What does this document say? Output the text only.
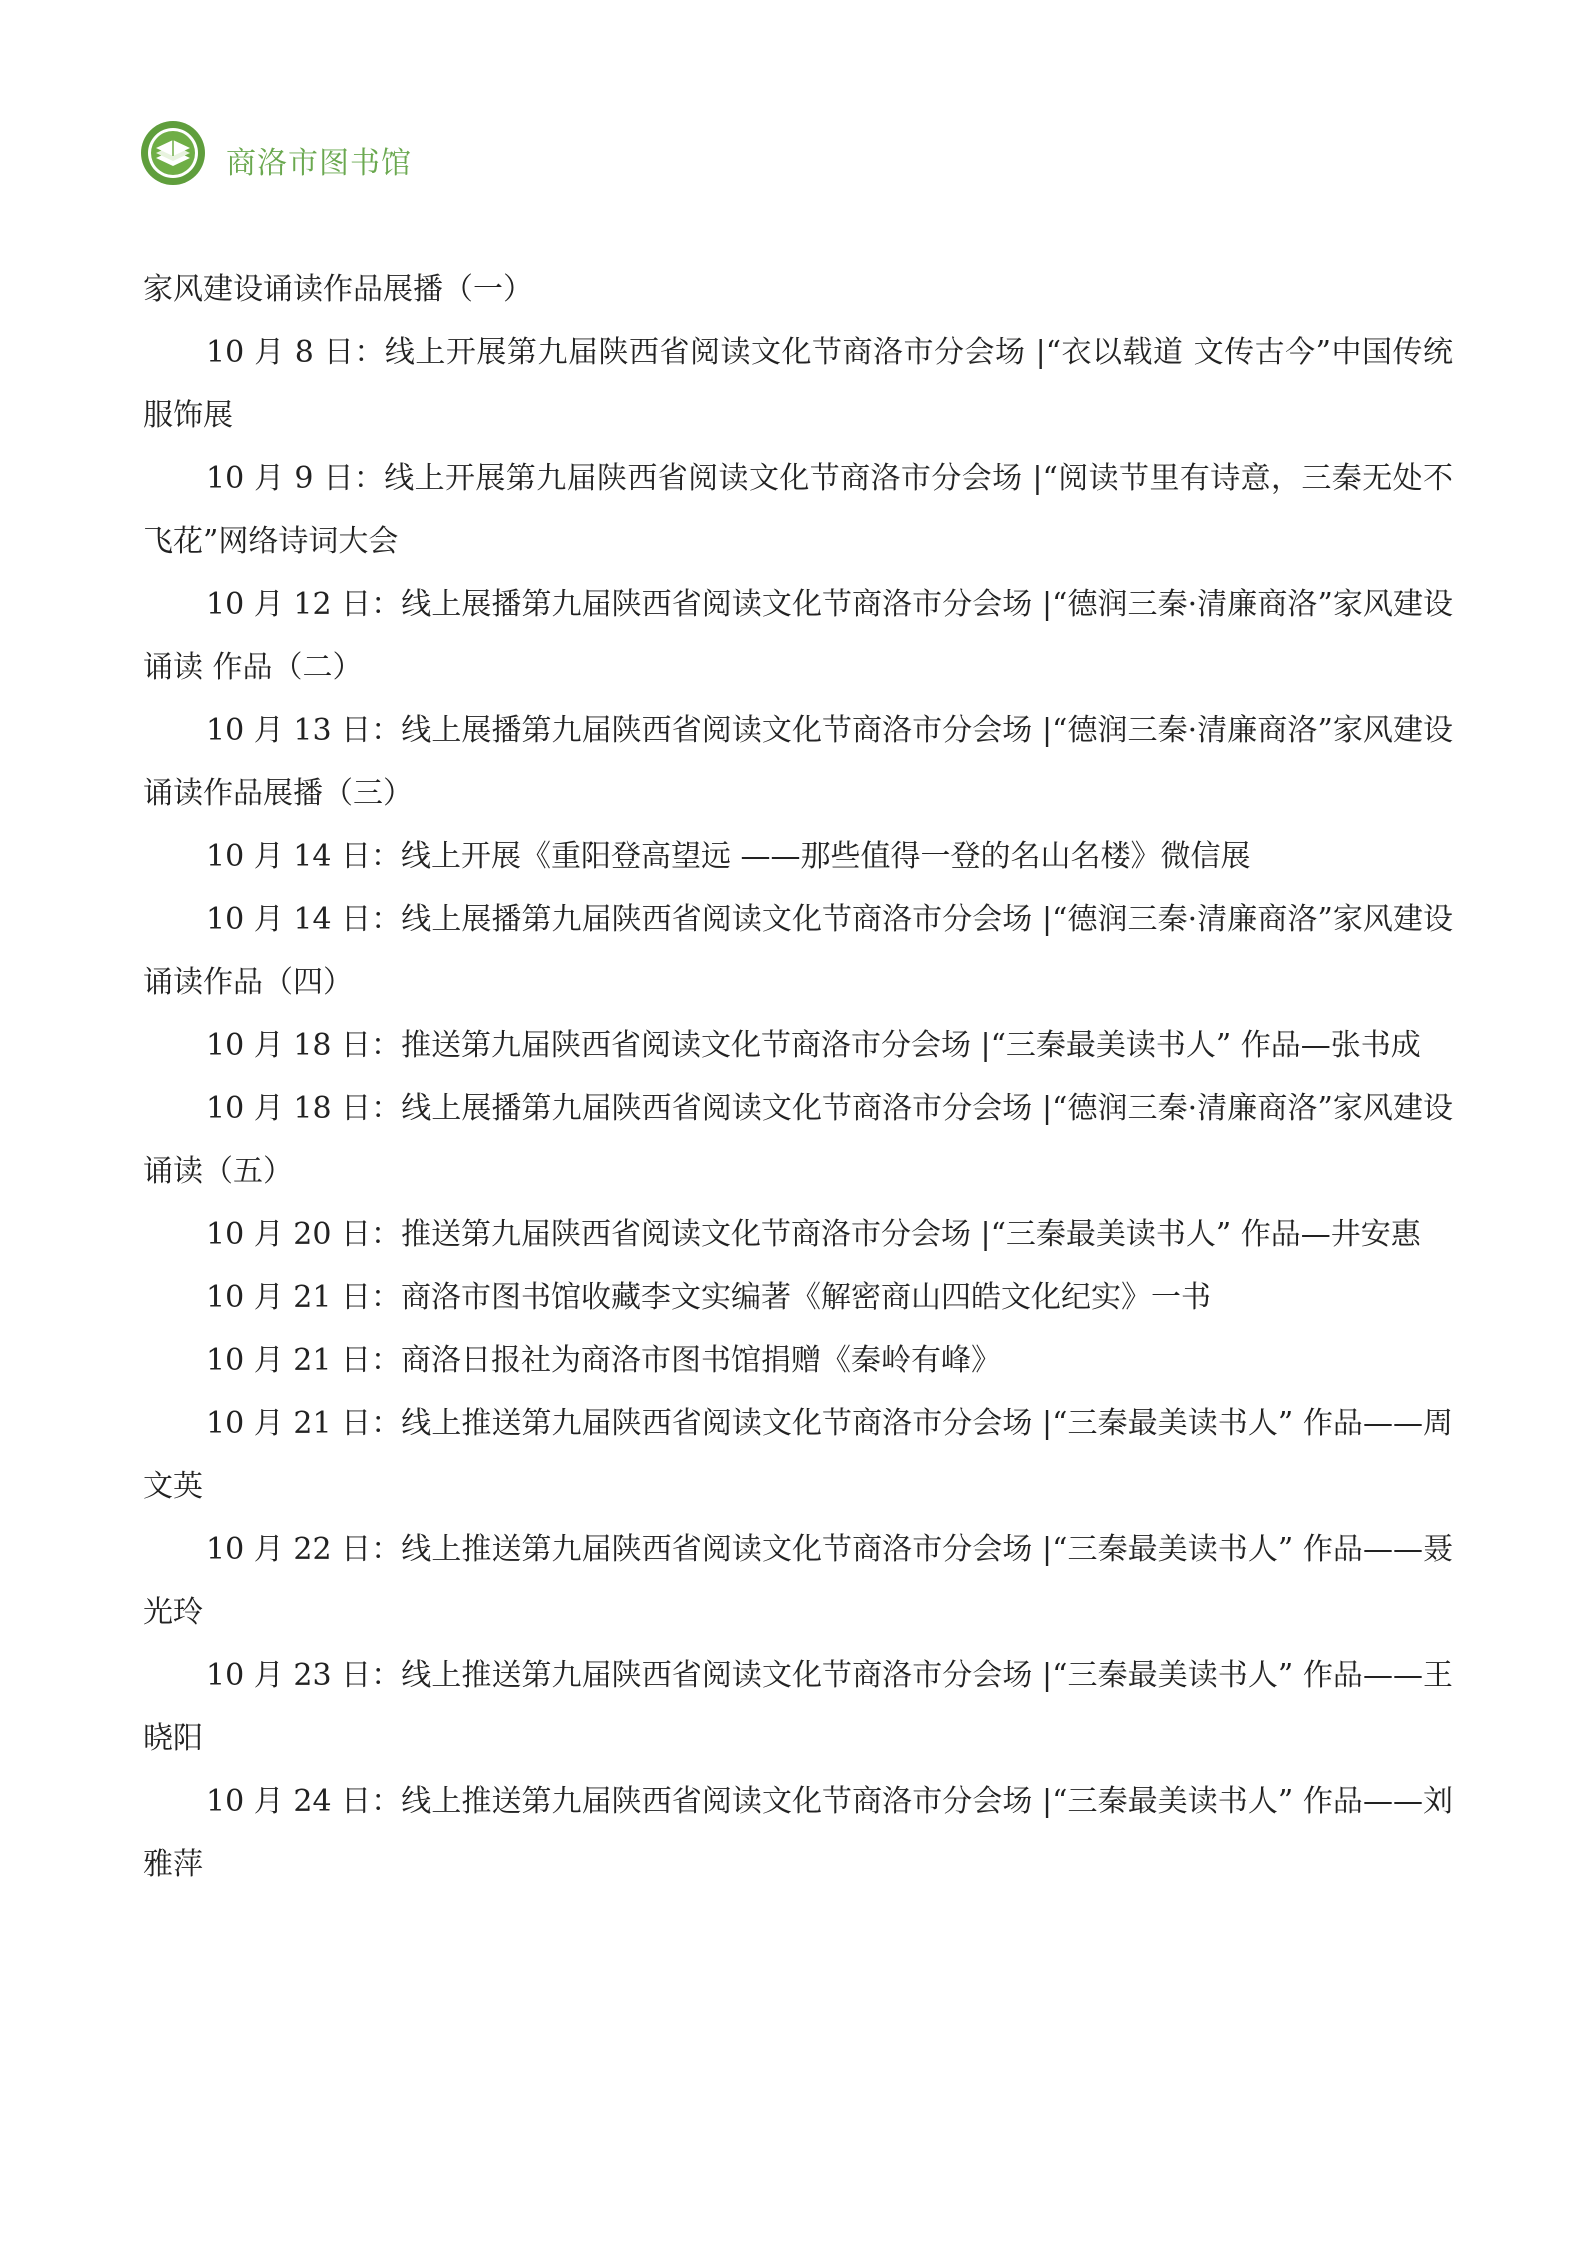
商洛市图书馆
家风建设诵读作品展播（一）

10 月 8 日：线上开展第九届陕西省阅读文化节商洛市分会场 |“衣以载道 文传古今”中国传统服饰展

10 月 9 日：线上开展第九届陕西省阅读文化节商洛市分会场 |“阅读节里有诗意，三秦无处不飞花”网络诗词大会

10 月 12 日：线上展播第九届陕西省阅读文化节商洛市分会场 |“德润三秦·清廉商洛”家风建设诵读 作品（二）

10 月 13 日：线上展播第九届陕西省阅读文化节商洛市分会场 |“德润三秦·清廉商洛”家风建设诵读作品展播（三）

10 月 14 日：线上开展《重阳登高望远 ——那些值得一登的名山名楼》微信展

10 月 14 日：线上展播第九届陕西省阅读文化节商洛市分会场 |“德润三秦·清廉商洛”家风建设诵读作品（四）

10 月 18 日：推送第九届陕西省阅读文化节商洛市分会场 |“三秦最美读书人” 作品—张书成

10 月 18 日：线上展播第九届陕西省阅读文化节商洛市分会场 |“德润三秦·清廉商洛”家风建设诵读（五）

10 月 20 日：推送第九届陕西省阅读文化节商洛市分会场 |“三秦最美读书人” 作品—井安惠

10 月 21 日：商洛市图书馆收藏李文实编著《解密商山四皓文化纪实》一书

10 月 21 日：商洛日报社为商洛市图书馆捐赠《秦岭有峰》

10 月 21 日：线上推送第九届陕西省阅读文化节商洛市分会场 |“三秦最美读书人” 作品——周文英

10 月 22 日：线上推送第九届陕西省阅读文化节商洛市分会场 |“三秦最美读书人” 作品——聂光玲

10 月 23 日：线上推送第九届陕西省阅读文化节商洛市分会场 |“三秦最美读书人” 作品——王晓阳

10 月 24 日：线上推送第九届陕西省阅读文化节商洛市分会场 |“三秦最美读书人” 作品——刘雅萍
